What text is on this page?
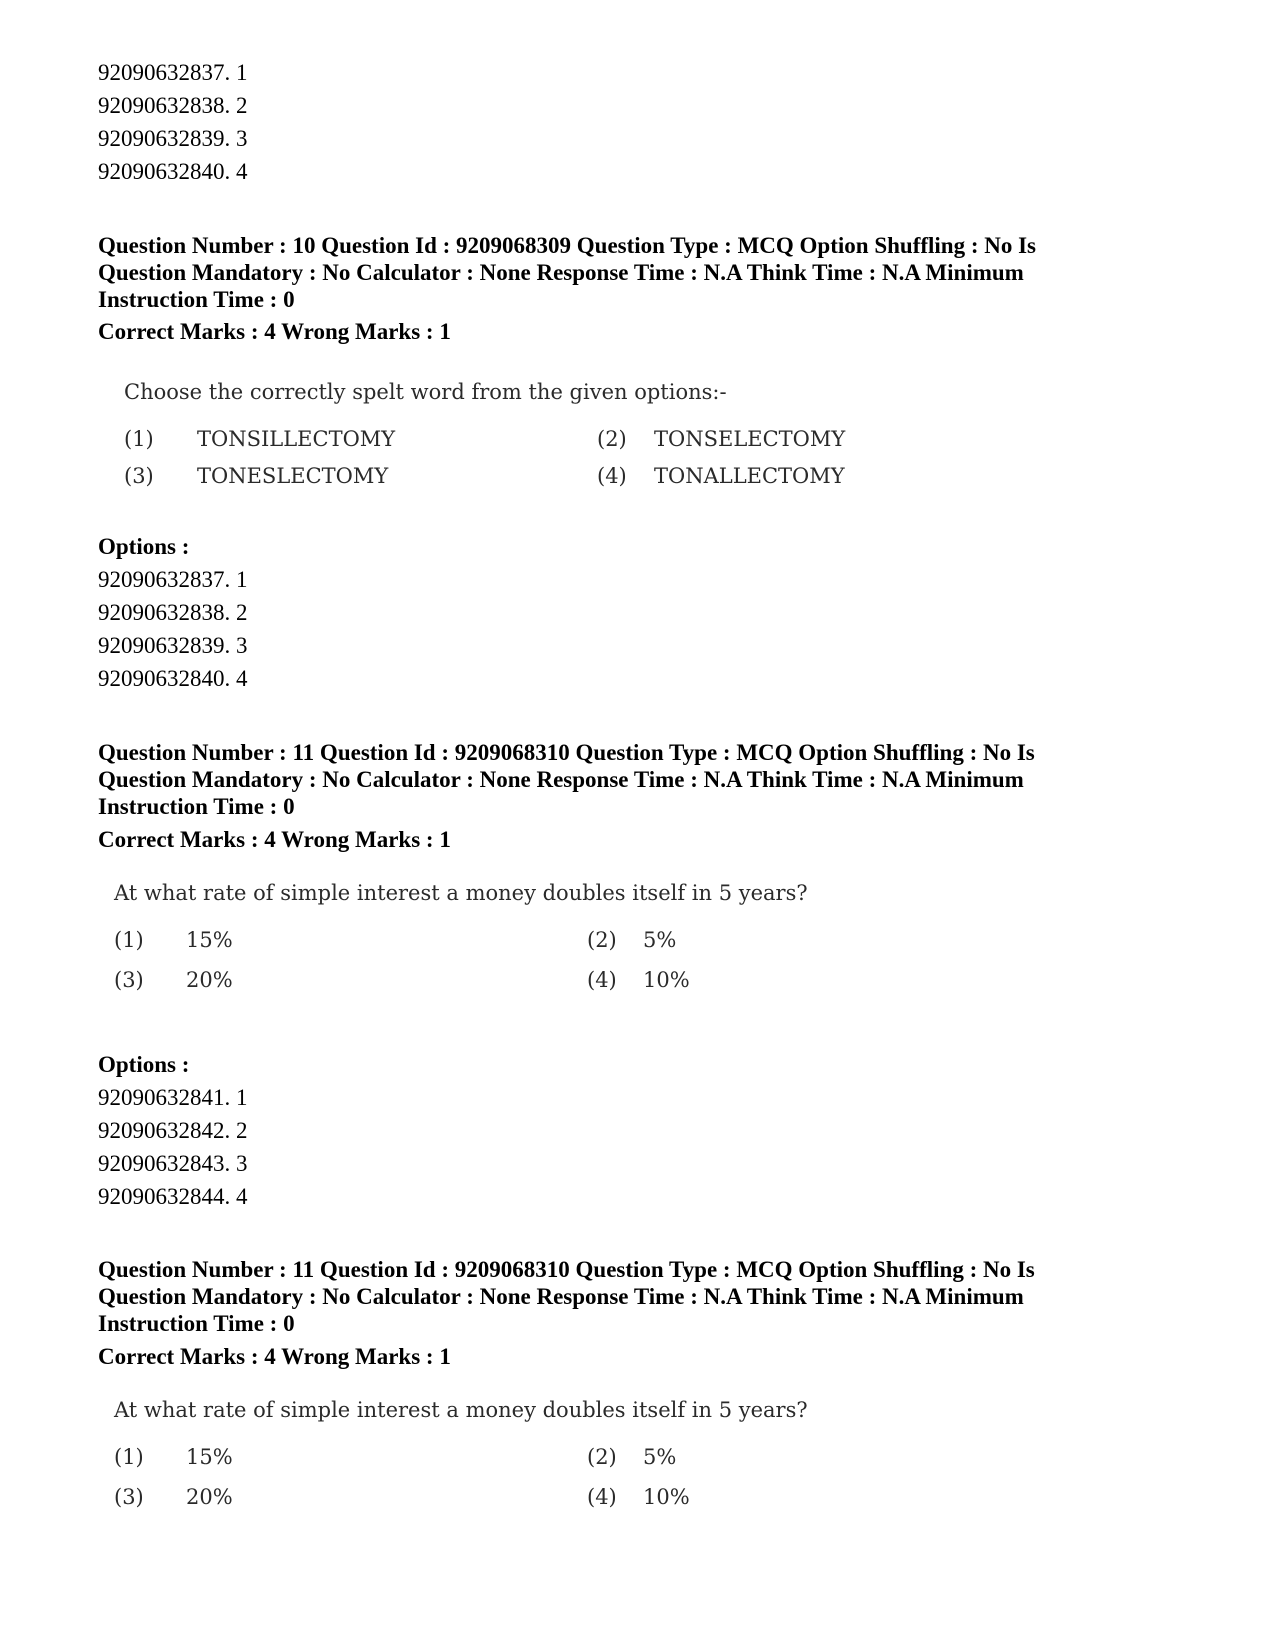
92090632837. 1
92090632838. 2
92090632839. 3
92090632840. 4
Question Number : 10 Question Id : 9209068309 Question Type : MCQ Option Shuffling : No Is
Question Mandatory : No Calculator : None Response Time : N.A Think Time : N.A Minimum
Instruction Time : 0
Correct Marks : 4 Wrong Marks : 1
Choose the correctly spelt word from the given options:-
(1) TONSILLECTOMY	(2) TONSELECTOMY
(3) TONESLECTOMY	(4) TONALLECTOMY
Options :
92090632837. 1
92090632838. 2
92090632839. 3
92090632840. 4
Question Number : 11 Question Id : 9209068310 Question Type : MCQ Option Shuffling : No Is
Question Mandatory : No Calculator : None Response Time : N.A Think Time : N.A Minimum
Instruction Time : 0
Correct Marks : 4 Wrong Marks : 1
At what rate of simple interest a money doubles itself in 5 years?
(1) 15%	(2) 5%
(3) 20%	(4) 10%
Options :
92090632841. 1
92090632842. 2
92090632843. 3
92090632844. 4
Question Number : 11 Question Id : 9209068310 Question Type : MCQ Option Shuffling : No Is
Question Mandatory : No Calculator : None Response Time : N.A Think Time : N.A Minimum
Instruction Time : 0
Correct Marks : 4 Wrong Marks : 1
At what rate of simple interest a money doubles itself in 5 years?
(1) 15%	(2) 5%
(3) 20%	(4) 10%
